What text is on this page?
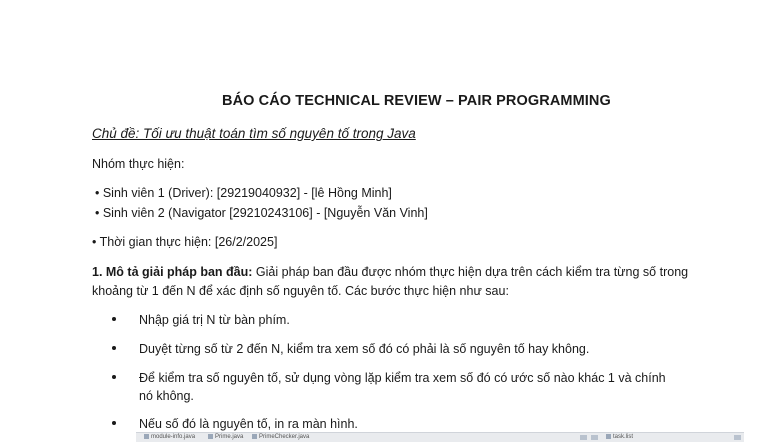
BÁO CÁO TECHNICAL REVIEW – PAIR PROGRAMMING
Chủ đề: Tối ưu thuật toán tìm số nguyên tố trong Java
Nhóm thực hiện:
• Sinh viên 1 (Driver): [29219040932] - [lê Hồng Minh]
• Sinh viên 2 (Navigator [29210243106] - [Nguyễn Văn Vinh]
• Thời gian thực hiện: [26/2/2025]
1. Mô tả giải pháp ban đầu: Giải pháp ban đầu được nhóm thực hiện dựa trên cách kiểm tra từng số trong khoảng từ 1 đến N để xác định số nguyên tố. Các bước thực hiện như sau:
Nhập giá trị N từ bàn phím.
Duyệt từng số từ 2 đến N, kiểm tra xem số đó có phải là số nguyên tố hay không.
Để kiểm tra số nguyên tố, sử dụng vòng lặp kiểm tra xem số đó có ước số nào khác 1 và chính nó không.
Nếu số đó là nguyên tố, in ra màn hình.
module-info.java	Prime.java	PrimeChecker.java	task.list
